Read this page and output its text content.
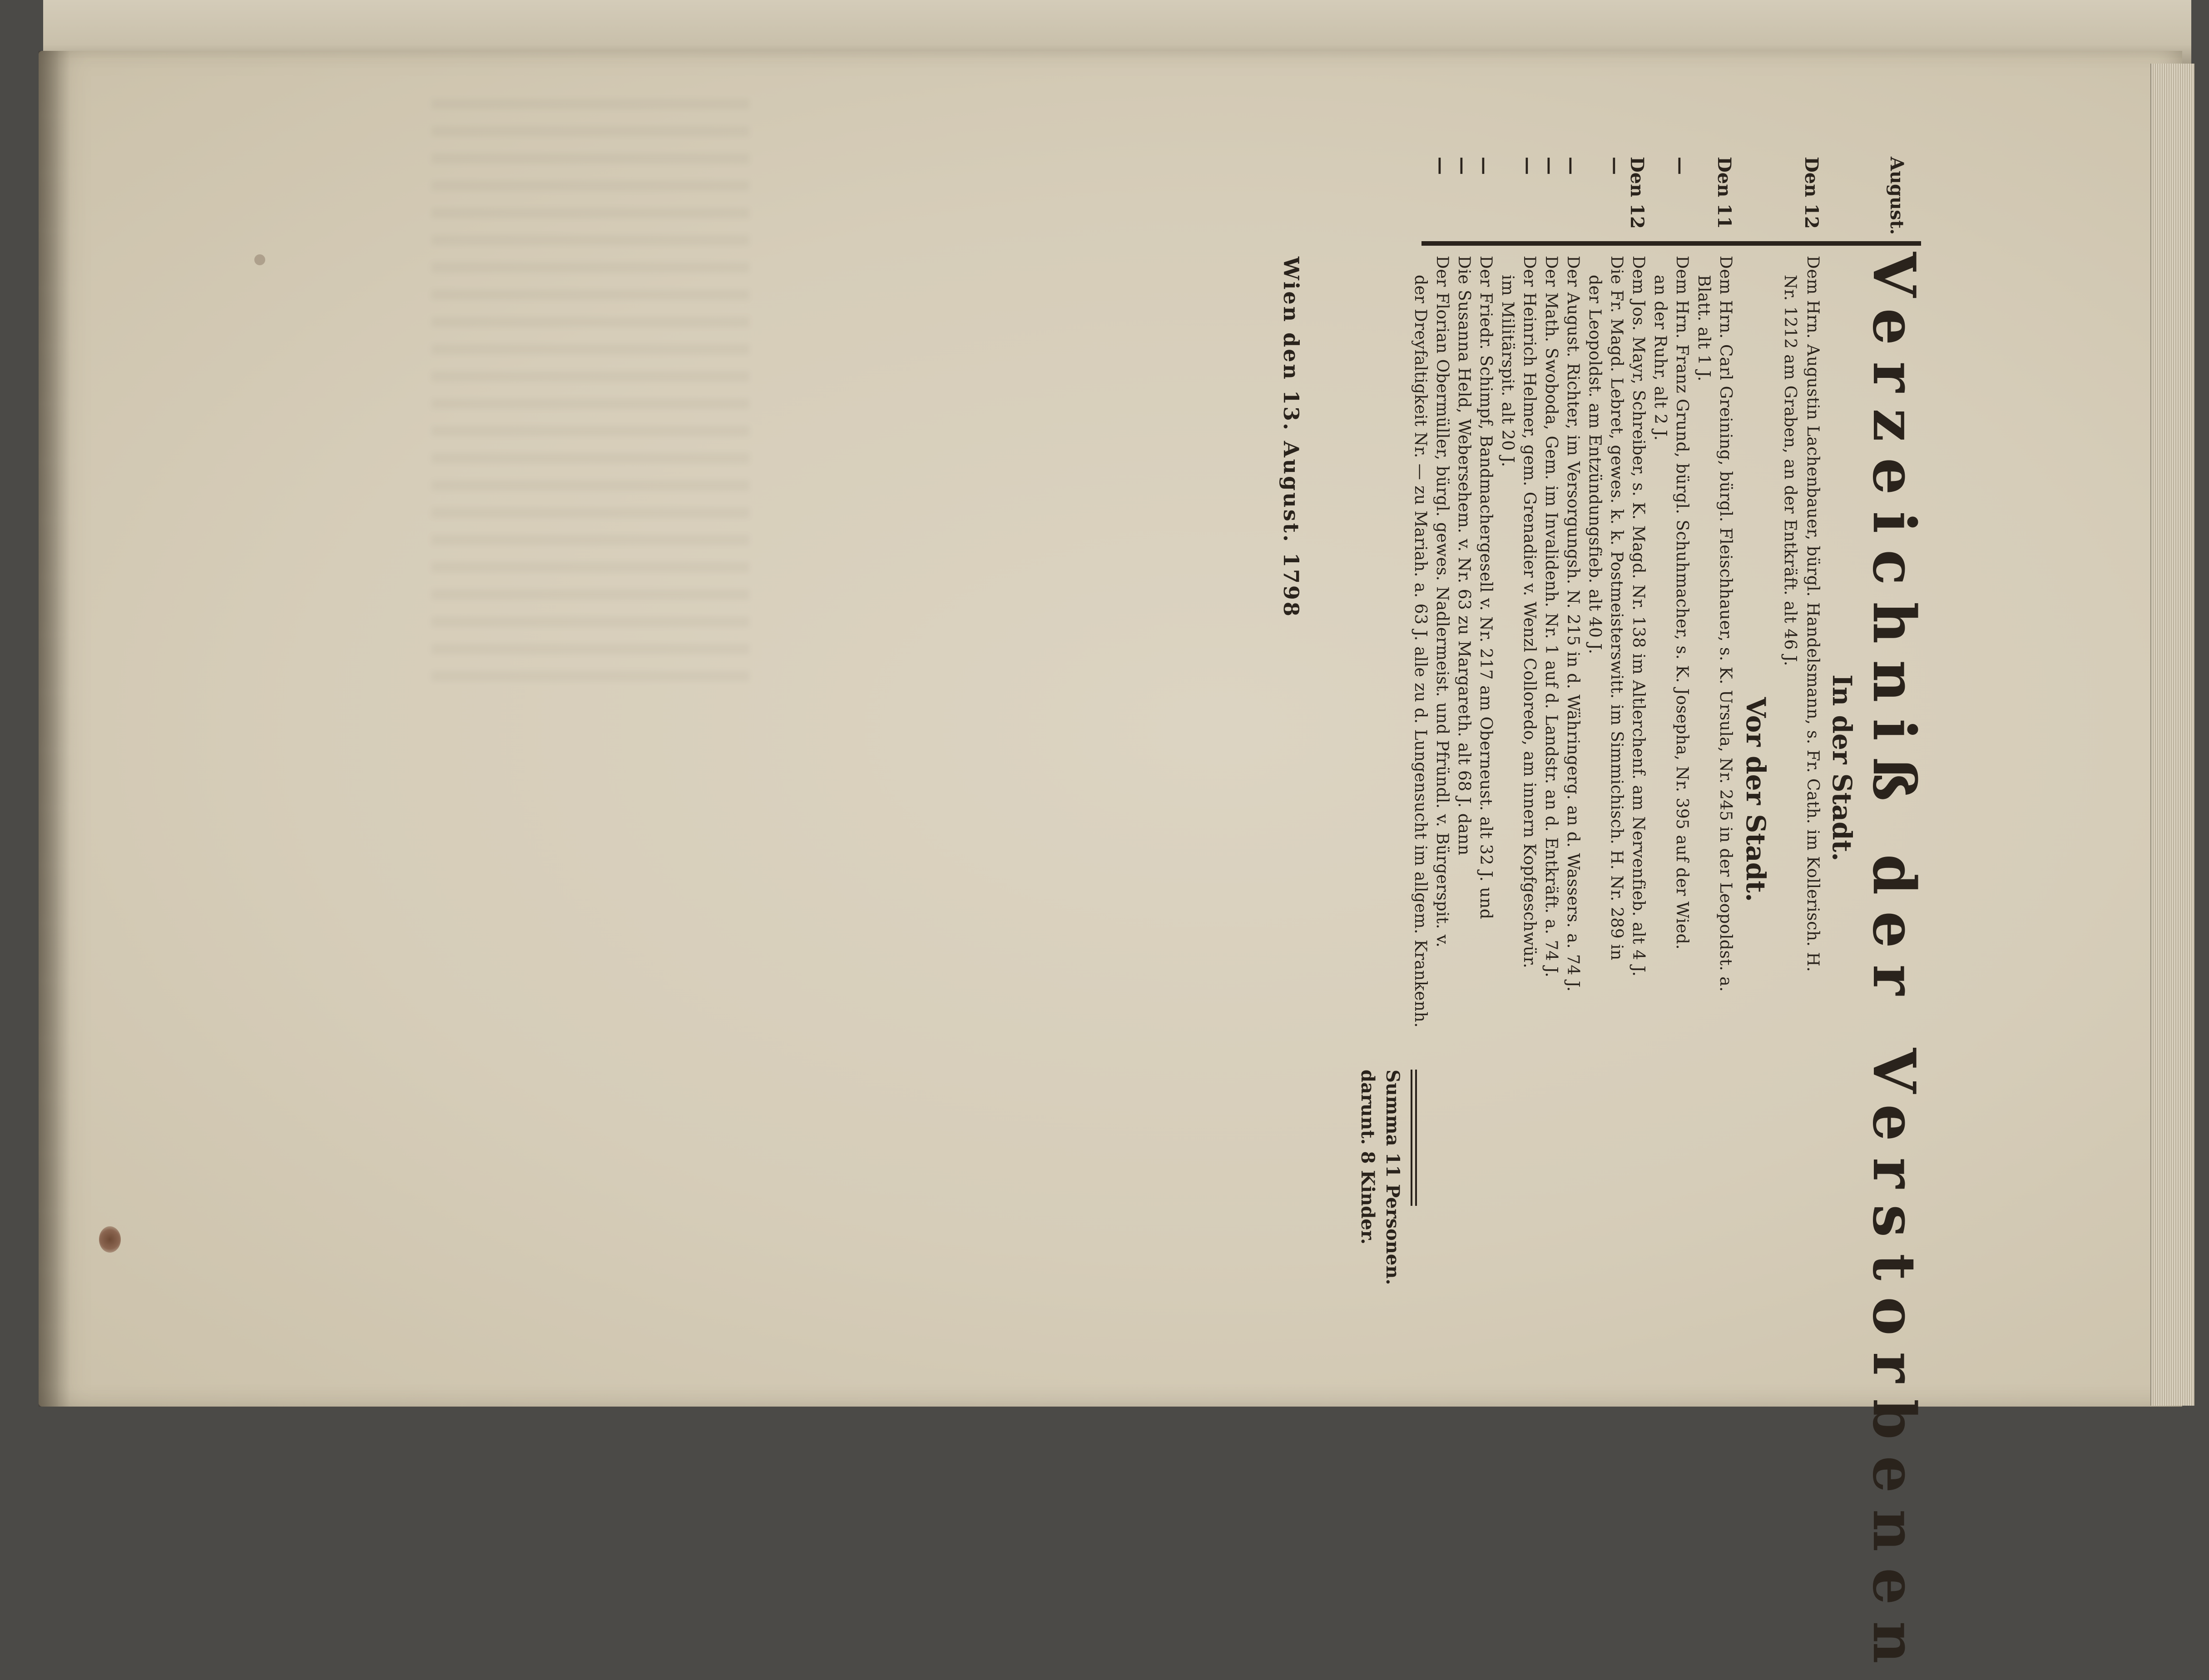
August.
Verzeichniß der Verstorbenen
In der Stadt.
Den 12
Dem Hrn. Augustin Lachenbauer, bürgl. Handelsmann, s. Fr. Cath. im Kollerisch. H.
Nr. 1212 am Graben, an der Entkräft. alt 46 J.
Vor der Stadt.
Den 11
Dem Hrn. Carl Greining, bürgl. Fleischhauer, s. K. Ursula, Nr. 245 in der Leopoldst. a.
Blatt. alt 1 J.
—
Dem Hrn. Franz Grund, bürgl. Schuhmacher, s. K. Josepha, Nr. 395 auf der Wied.
an der Ruhr, alt 2 J.
Den 12
Dem Jos. Mayr, Schreiber, s. K. Magd. Nr. 138 im Altlerchenf. am Nervenfieb. alt 4 J.
—
Die Fr. Magd. Lebret, gewes. k. k. Postmeisterswitt. im Simmichisch. H. Nr. 289 in
der Leopoldst. am Entzündungsfieb. alt 40 J.
—
Der August. Richter, im Versorgungsh. N. 215 in d. Währingerg. an d. Wassers. a. 74 J.
—
Der Math. Swoboda, Gem. im Invalidenh. Nr. 1 auf d. Landstr. an d. Entkräft. a. 74 J.
—
Der Heinrich Helmer, gem. Grenadier v. Wenzl Colloredo, am innern Kopfgeschwür.
im Militärspit. alt 20 J.
—
Der Friedr. Schimpf, Bandmachergesell v. Nr. 217 am Oberneust. alt 32 J. und
—
Die Susanna Held, Webersehem. v. Nr. 63 zu Margareth. alt 68 J. dann
—
Der Florian Obermüller, bürgl. gewes. Nadlermeist. und Pfründl. v. Bürgerspit. v.
der Dreyfaltigkeit Nr. — zu Mariah. a. 63 J. alle zu d. Lungensucht im allgem. Krankenh.
Summa 11 Personen.
darunt. 8 Kinder.
Wien den 13. August. 1798
